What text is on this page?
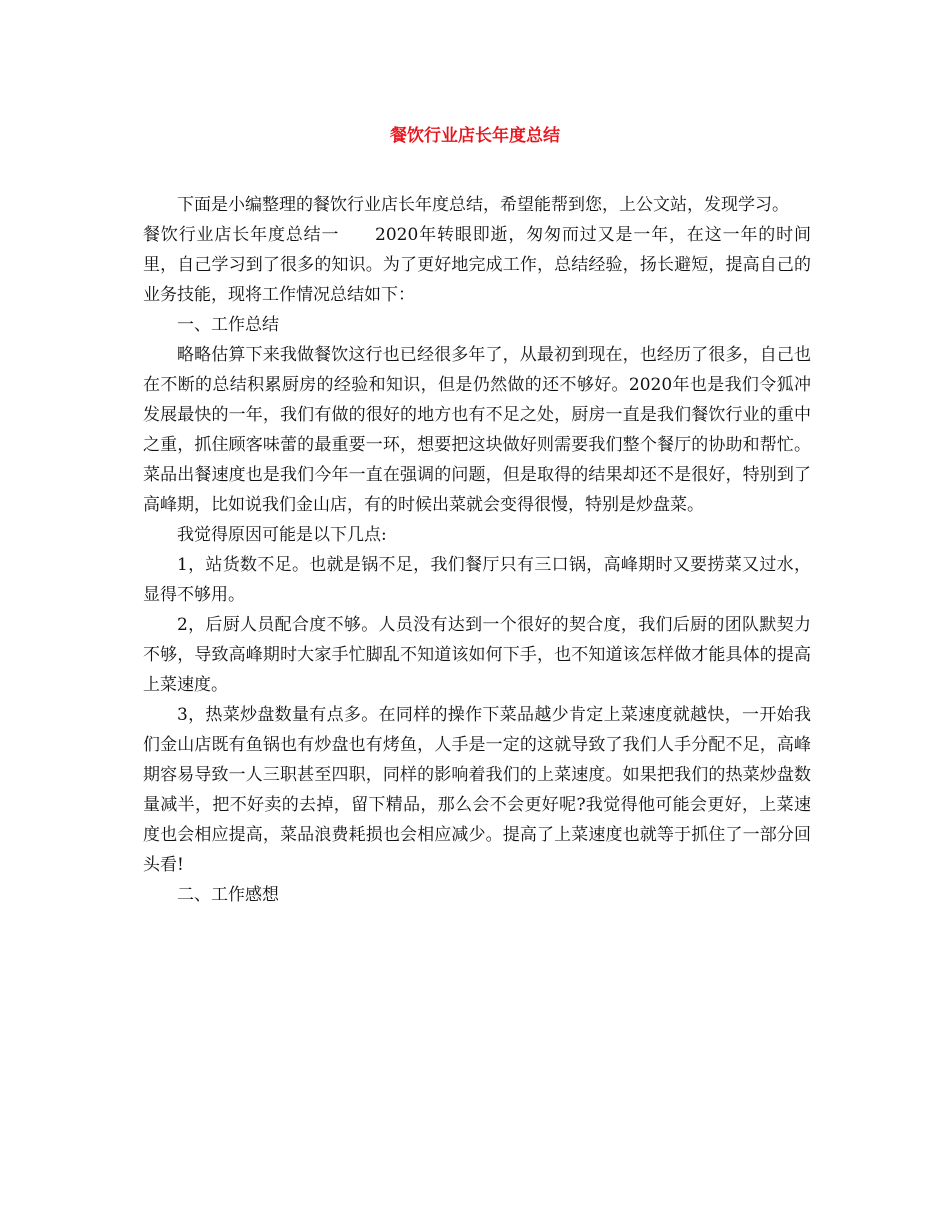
餐饮行业店长年度总结

下面是小编整理的餐饮行业店长年度总结，希望能帮到您，上公文站，发现学习。

餐饮行业店长年度总结一　　2020年转眼即逝，匆匆而过又是一年，在这一年的时间里，自己学习到了很多的知识。为了更好地完成工作，总结经验，扬长避短，提高自己的业务技能，现将工作情况总结如下：

一、工作总结

略略估算下来我做餐饮这行也已经很多年了，从最初到现在，也经历了很多，自己也在不断的总结积累厨房的经验和知识，但是仍然做的还不够好。2020年也是我们令狐冲发展最快的一年，我们有做的很好的地方也有不足之处，厨房一直是我们餐饮行业的重中之重，抓住顾客味蕾的最重要一环，想要把这块做好则需要我们整个餐厅的协助和帮忙。菜品出餐速度也是我们今年一直在强调的问题，但是取得的结果却还不是很好，特别到了高峰期，比如说我们金山店，有的时候出菜就会变得很慢，特别是炒盘菜。

我觉得原因可能是以下几点:

1，站货数不足。也就是锅不足，我们餐厅只有三口锅，高峰期时又要捞菜又过水，显得不够用。

2，后厨人员配合度不够。人员没有达到一个很好的契合度，我们后厨的团队默契力不够，导致高峰期时大家手忙脚乱不知道该如何下手，也不知道该怎样做才能具体的提高上菜速度。

3，热菜炒盘数量有点多。在同样的操作下菜品越少肯定上菜速度就越快，一开始我们金山店既有鱼锅也有炒盘也有烤鱼，人手是一定的这就导致了我们人手分配不足，高峰期容易导致一人三职甚至四职，同样的影响着我们的上菜速度。如果把我们的热菜炒盘数量减半，把不好卖的去掉，留下精品，那么会不会更好呢?我觉得他可能会更好，上菜速度也会相应提高，菜品浪费耗损也会相应减少。提高了上菜速度也就等于抓住了一部分回头看!

二、工作感想
